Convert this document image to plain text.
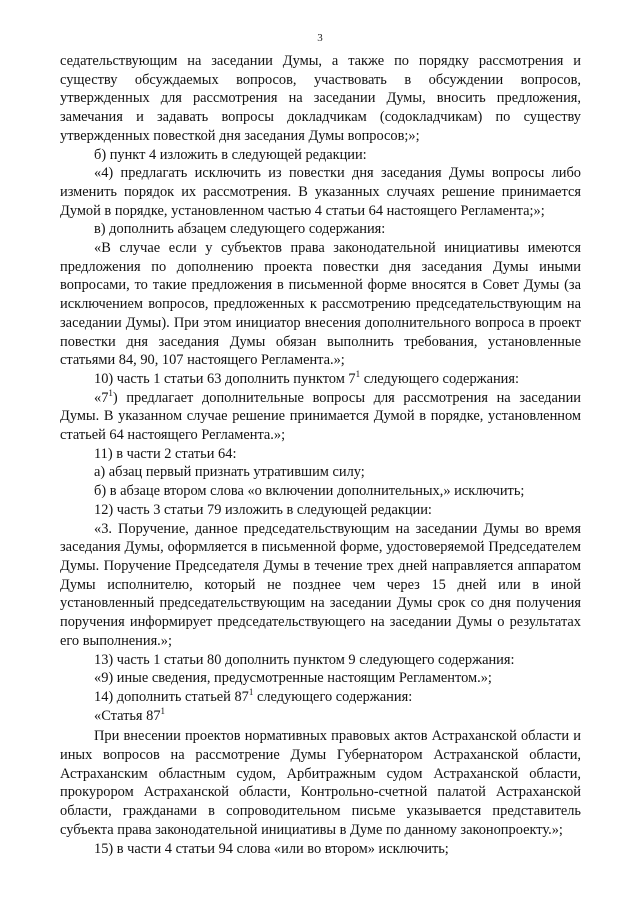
3

седательствующим на заседании Думы, а также по порядку рассмотрения и существу обсуждаемых вопросов, участвовать в обсуждении вопросов, утвержденных для рассмотрения на заседании Думы, вносить предложения, замечания и задавать вопросы докладчикам (содокладчикам) по существу утвержденных повесткой дня заседания Думы вопросов;»;

б) пункт 4 изложить в следующей редакции:

«4) предлагать исключить из повестки дня заседания Думы вопросы либо изменить порядок их рассмотрения. В указанных случаях решение принимается Думой в порядке, установленном частью 4 статьи 64 настоящего Регламента;»;

в) дополнить абзацем следующего содержания:

«В случае если у субъектов права законодательной инициативы имеются предложения по дополнению проекта повестки дня заседания Думы иными вопросами, то такие предложения в письменной форме вносятся в Совет Думы (за исключением вопросов, предложенных к рассмотрению председательствующим на заседании Думы). При этом инициатор внесения дополнительного вопроса в проект повестки дня заседания Думы обязан выполнить требования, установленные статьями 84, 90, 107 настоящего Регламента.»;

10) часть 1 статьи 63 дополнить пунктом $7^1$ следующего содержания:

«$7^1$) предлагает дополнительные вопросы для рассмотрения на заседании Думы. В указанном случае решение принимается Думой в порядке, установленном статьей 64 настоящего Регламента.»;

11) в части 2 статьи 64:

а) абзац первый признать утратившим силу;

б) в абзаце втором слова «о включении дополнительных,» исключить;

12) часть 3 статьи 79 изложить в следующей редакции:

«3. Поручение, данное председательствующим на заседании Думы во время заседания Думы, оформляется в письменной форме, удостоверяемой Председателем Думы. Поручение Председателя Думы в течение трех дней направляется аппаратом Думы исполнителю, который не позднее чем через 15 дней или в иной установленный председательствующим на заседании Думы срок со дня получения поручения информирует председательствующего на заседании Думы о результатах его выполнения.»;

13) часть 1 статьи 80 дополнить пунктом 9 следующего содержания:

«9) иные сведения, предусмотренные настоящим Регламентом.»;

14) дополнить статьей $87^1$ следующего содержания:

«Статья $87^1$

При внесении проектов нормативных правовых актов Астраханской области и иных вопросов на рассмотрение Думы Губернатором Астраханской области, Астраханским областным судом, Арбитражным судом Астраханской области, прокурором Астраханской области, Контрольно-счетной палатой Астраханской области, гражданами в сопроводительном письме указывается представитель субъекта права законодательной инициативы в Думе по данному законопроекту.»;

15) в части 4 статьи 94 слова «или во втором» исключить;
